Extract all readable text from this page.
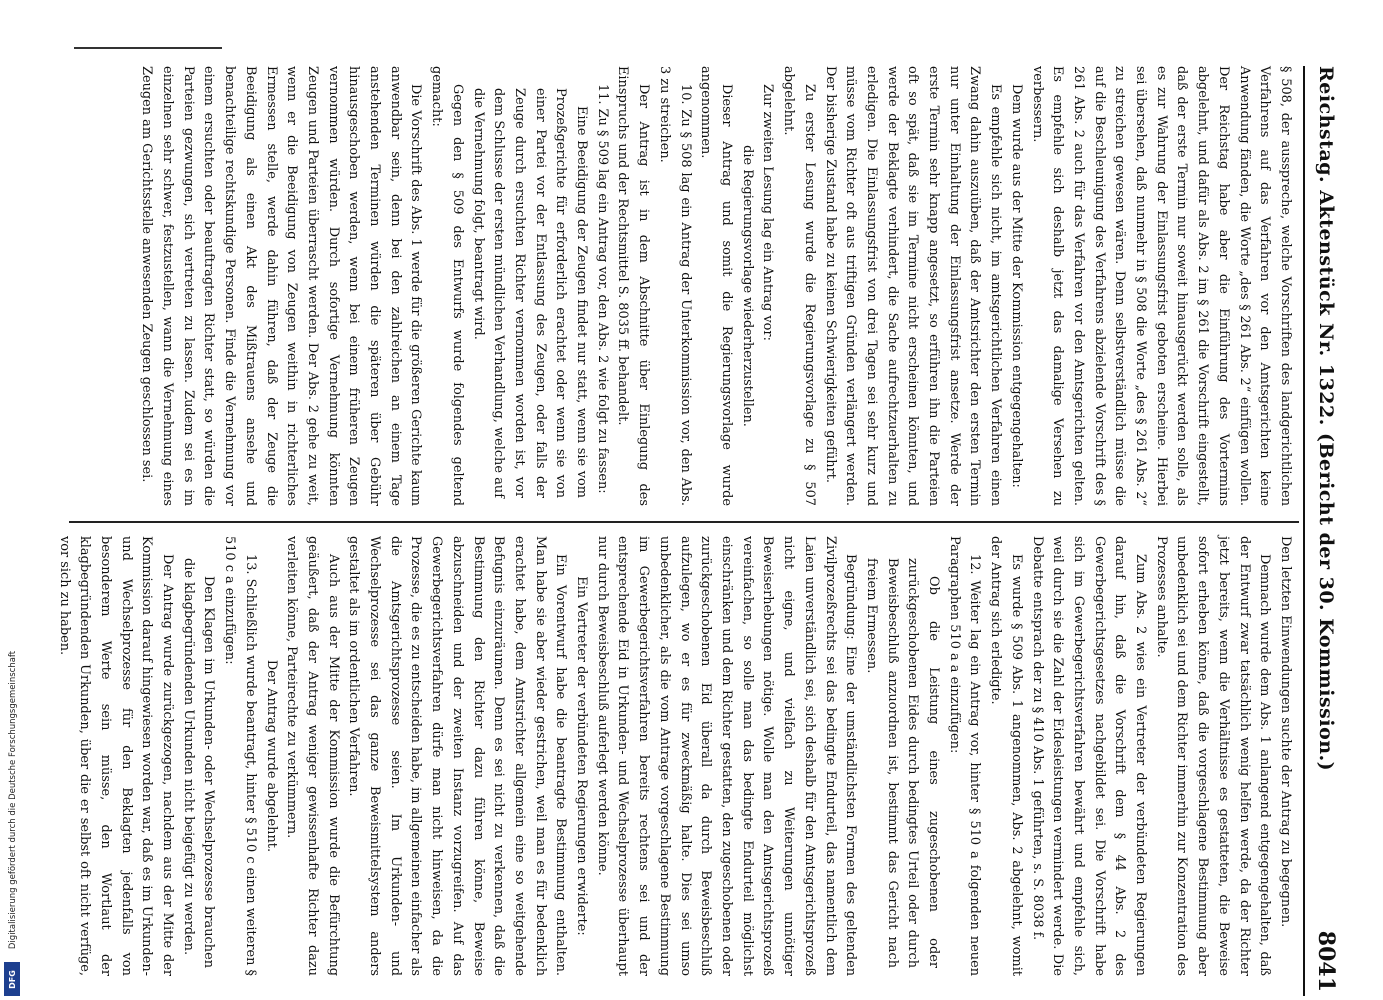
Digitalisierung gefördert durch die Deutsche Forschungsgemeinschaft
DFG
Reichstag. Aktenstück Nr. 1322. (Bericht der 30. Kommission.)
8041

§ 508, der ausspreche, welche Vorschriften des landgerichtlichen Verfahrens auf das Verfahren vor den Amtsgerichten keine Anwendung fänden, die Worte „des § 261 Abs. 2“ einfügen wollen. Der Reichstag habe aber die Einführung des Vortermins abgelehnt, und dafür als Abs. 2 im § 261 die Vorschrift eingestellt, daß der erste Termin nur soweit hinausgerückt werden solle, als es zur Wahrung der Einlassungsfrist geboten erscheine. Hierbei sei übersehen, daß nunmehr in § 508 die Worte „des § 261 Abs. 2“ zu streichen gewesen wären. Denn selbstverständlich müsse die auf die Beschleunigung des Verfahrens abzielende Vorschrift des § 261 Abs. 2 auch für das Verfahren vor den Amtsgerichten gelten. Es empfehle sich deshalb jetzt das damalige Versehen zu verbessern.

Dem wurde aus der Mitte der Kommission entgegengehalten:

Es empfehle sich nicht, im amtsgerichtlichen Verfahren einen Zwang dahin auszuüben, daß der Amtsrichter den ersten Termin nur unter Einhaltung der Einlassungsfrist ansetze. Werde der erste Termin sehr knapp angesetzt, so erführen ihn die Parteien oft so spät, daß sie im Termine nicht erscheinen könnten, und werde der Beklagte verhindert, die Sache aufrechtzuerhalten zu erledigen. Die Einlassungsfrist von drei Tagen sei sehr kurz und müsse vom Richter oft aus triftigen Gründen verlängert werden. Der bisherige Zustand habe zu keinen Schwierigkeiten geführt.

Zu erster Lesung wurde die Regierungsvorlage zu § 507 abgelehnt.

Zur zweiten Lesung lag ein Antrag vor:

die Regierungsvorlage wiederherzustellen.

Dieser Antrag und somit die Regierungsvorlage wurde angenommen.

10. Zu § 508 lag ein Antrag der Unterkommission vor, den Abs. 3 zu streichen.

Der Antrag ist in dem Abschnitte über Einlegung des Einspruchs und der Rechtsmittel S. 8035 ff. behandelt.

11. Zu § 509 lag ein Antrag vor, den Abs. 2 wie folgt zu fassen:

Eine Beeidigung der Zeugen findet nur statt, wenn sie vom Prozeßgerichte für erforderlich erachtet oder wenn sie von einer Partei vor der Entlassung des Zeugen, oder falls der Zeuge durch ersuchten Richter vernommen worden ist, vor dem Schlusse der ersten mündlichen Verhandlung, welche auf die Vernehmung folgt, beantragt wird.

Gegen den § 509 des Entwurfs wurde folgendes geltend gemacht:

Die Vorschrift des Abs. 1 werde für die größeren Gerichte kaum anwendbar sein, denn bei den zahlreichen an einem Tage anstehenden Terminen würden die späteren über Gebühr hinausgeschoben werden, wenn bei einem früheren Zeugen vernommen würden. Durch sofortige Vernehmung könnten Zeugen und Parteien überrascht werden. Der Abs. 2 gehe zu weit, wenn er die Beeidigung von Zeugen weithin in richterliches Ermessen stelle, werde dahin führen, daß der Zeuge die Beeidigung als einen Akt des Mißtrauens ansehe und benachteilige rechtskundige Personen. Finde die Vernehmung vor einem ersuchten oder beauftragten Richter statt, so würden die Parteien gezwungen, sich vertreten zu lassen. Zudem sei es im einzelnen sehr schwer, festzustellen, wann die Vernehmung eines Zeugen am Gerichtsstelle anwesenden Zeugen geschlossen sei.

Den letzten Einwendungen suchte der Antrag zu begegnen.

Demnach wurde dem Abs. 1 anlangend entgegengehalten, daß der Entwurf zwar tatsächlich wenig helfen werde, da der Richter jetzt bereits, wenn die Verhältnisse es gestatteten, die Beweise sofort erheben könne, daß die vorgeschlagene Bestimmung aber unbedenklich sei und dem Richter immerhin zur Konzentration des Prozesses anhalte.

Zum Abs. 2 wies ein Vertreter der verbündeten Regierungen darauf hin, daß die Vorschrift dem § 44 Abs. 2 des Gewerbegerichtsgesetzes nachgebildet sei. Die Vorschrift habe sich im Gewerbegerichtsverfahren bewährt und empfehle sich, weil durch sie die Zahl der Eidesleistungen vermindert werde. Die Debatte entsprach der zu § 410 Abs. 1 geführten, s. S. 8038 f.

Es wurde § 509 Abs. 1 angenommen, Abs. 2 abgelehnt, womit der Antrag sich erledigte.

12. Weiter lag ein Antrag vor, hinter § 510 a folgenden neuen Paragraphen 510 a a einzufügen:

Ob die Leistung eines zugeschobenen oder zurückgeschobenen Eides durch bedingtes Urteil oder durch Beweisbeschluß anzuordnen ist, bestimmt das Gericht nach freiem Ermessen.

Begründung: Eine der umständlichsten Formen des geltenden Zivilprozeßrechts sei das bedingte Endurteil, das namentlich dem Laien unverständlich sei, sich deshalb für den Amtsgerichtsprozeß nicht eigne, und vielfach zu Weiterungen unnötiger Beweiserhebungen nötige. Wolle man den Amtsgerichtsprozeß vereinfachen, so solle man das bedingte Endurteil möglichst einschränken und dem Richter gestatten, den zugeschobenen oder zurückgeschobenen Eid überall da durch Beweisbeschluß aufzulegen, wo er es für zweckmäßig halte. Dies sei umso unbedenklicher, als die vom Antrage vorgeschlagene Bestimmung im Gewerbegerichtsverfahren bereits rechtens sei und der entsprechende Eid in Urkunden- und Wechselprozesse überhaupt nur durch Beweisbeschluß auferlegt werden könne.

Ein Vertreter der verbündeten Regierungen erwiderte:

Ein Vorentwurf habe die beantragte Bestimmung enthalten. Man habe sie aber wieder gestrichen, weil man es für bedenklich erachtet habe, dem Amtsrichter allgemein eine so weitgehende Befugnis einzuräumen. Denn es sei nicht zu verkennen, daß die Bestimmung den Richter dazu führen könne, Beweise abzuschneiden und der zweiten Instanz vorzugreifen. Auf das Gewerbegerichtsverfahren dürfe man nicht hinweisen, da die Prozesse, die es zu entscheiden habe, im allgemeinen einfacher als die Amtsgerichtsprozesse seien. Im Urkunden- und Wechselprozesse sei das ganze Beweismittelsystem anders gestaltet als im ordentlichen Verfahren.

Auch aus der Mitte der Kommission wurde die Befürchtung geäußert, daß der Antrag weniger gewissenhafte Richter dazu verleiten könne, Parteirechte zu verkümmern.

Der Antrag wurde abgelehnt.

13. Schließlich wurde beantragt, hinter § 510 c einen weiteren § 510 c a einzufügen:

Den Klagen im Urkunden- oder Wechselprozesse brauchen die klagbegründenden Urkunden nicht beigefügt zu werden.

Der Antrag wurde zurückgezogen, nachdem aus der Mitte der Kommission darauf hingewiesen worden war, daß es im Urkunden- und Wechselprozesse für den Beklagten jedenfalls von besonderem Werte sein müsse, den Wortlaut der klagbegründenden Urkunden, über die er selbst oft nicht verfüge, vor sich zu haben.
